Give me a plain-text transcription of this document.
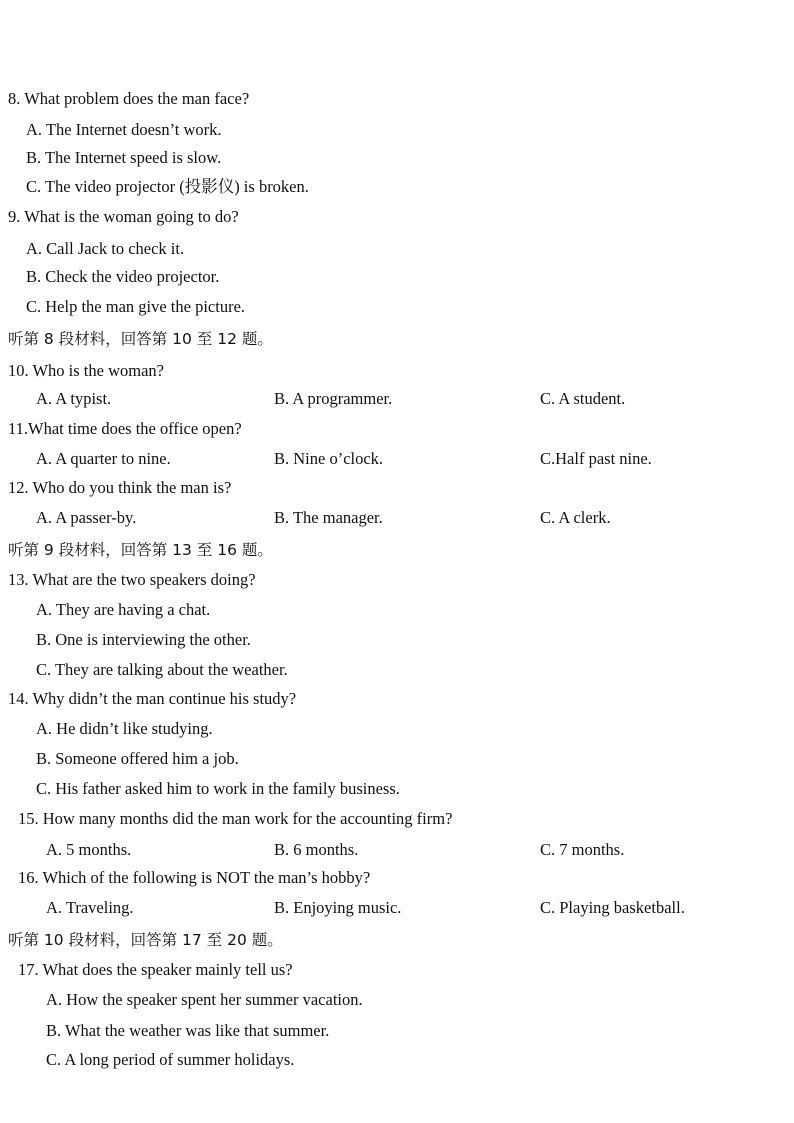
8. What problem does the man face?
A. The Internet doesn’t work.
B. The Internet speed is slow.
C. The video projector (投影仪) is broken.
9. What is the woman going to do?
A. Call Jack to check it.
B. Check the video projector.
C. Help the man give the picture.
听第 8 段材料，回答第 10 至 12 题。
10. Who is the woman?
A. A typist.	B. A programmer.	C. A student.
11.What time does the office open?
A. A quarter to nine.	B. Nine o’clock.	C.Half past nine.
12. Who do you think the man is?
A. A passer-by.	B. The manager.	C. A clerk.
听第 9 段材料，回答第 13 至 16 题。
13. What are the two speakers doing?
A. They are having a chat.
B. One is interviewing the other.
C. They are talking about the weather.
14. Why didn’t the man continue his study?
A. He didn’t like studying.
B. Someone offered him a job.
C. His father asked him to work in the family business.
15. How many months did the man work for the accounting firm?
A. 5 months.	B. 6 months.	C. 7 months.
16. Which of the following is NOT the man’s hobby?
A. Traveling.	B. Enjoying music.	C. Playing basketball.
听第 10 段材料，回答第 17 至 20 题。
17. What does the speaker mainly tell us?
A. How the speaker spent her summer vacation.
B. What the weather was like that summer.
C. A long period of summer holidays.
